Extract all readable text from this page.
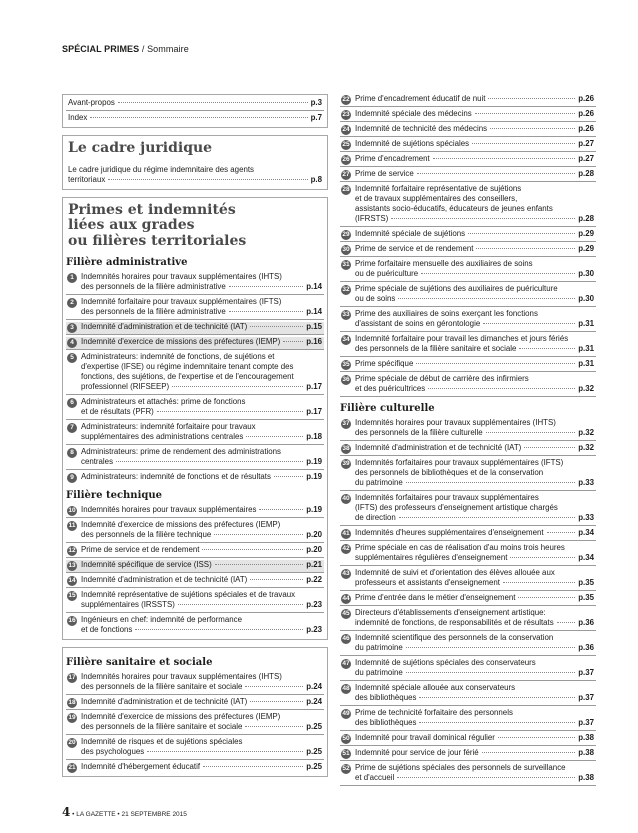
SPÉCIAL PRIMES / Sommaire
Avant-propos	p.3
Index	p.7
Le cadre juridique
Le cadre juridique du régime indemnitaire des agents
territoriaux	p.8
Primes et indemnités
liées aux grades
ou filières territoriales
Filière administrative
1 Indemnités horaires pour travaux supplémentaires (IHTS)
des personnels de la filière administrative	p.14
2 Indemnité forfaitaire pour travaux supplémentaires (IFTS)
des personnels de la filière administrative	p.14
3 Indemnité d'administration et de technicité (IAT)	p.15
4 Indemnité d'exercice de missions des préfectures (IEMP)	p.16
5 Administrateurs: indemnité de fonctions, de sujétions et
d'expertise (IFSE) ou régime indemnitaire tenant compte des
fonctions, des sujétions, de l'expertise et de l'encouragement
professionnel (RIFSEEP)	p.17
6 Administrateurs et attachés: prime de fonctions
et de résultats (PFR)	p.17
7 Administrateurs: indemnité forfaitaire pour travaux
supplémentaires des administrations centrales	p.18
8 Administrateurs: prime de rendement des administrations
centrales	p.19
9 Administrateurs: indemnité de fonctions et de résultats	p.19
Filière technique
10 Indemnités horaires pour travaux supplémentaires	p.19
11 Indemnité d'exercice de missions des préfectures (IEMP)
des personnels de la filière technique	p.20
12 Prime de service et de rendement	p.20
13 Indemnité spécifique de service (ISS)	p.21
14 Indemnité d'administration et de technicité (IAT)	p.22
15 Indemnité représentative de sujétions spéciales et de travaux
supplémentaires (IRSSTS)	p.23
16 Ingénieurs en chef: indemnité de performance
et de fonctions	p.23
Filière sanitaire et sociale
17 Indemnités horaires pour travaux supplémentaires (IHTS)
des personnels de la filière sanitaire et sociale	p.24
18 Indemnité d'administration et de technicité (IAT)	p.24
19 Indemnité d'exercice de missions des préfectures (IEMP)
des personnels de la filière sanitaire et sociale	p.25
20 Indemnité de risques et de sujétions spéciales
des psychologues	p.25
21 Indemnité d'hébergement éducatif	p.25
22 Prime d'encadrement éducatif de nuit	p.26
23 Indemnité spéciale des médecins	p.26
24 Indemnité de technicité des médecins	p.26
25 Indemnité de sujétions spéciales	p.27
26 Prime d'encadrement	p.27
27 Prime de service	p.28
28 Indemnité forfaitaire représentative de sujétions
et de travaux supplémentaires des conseillers,
assistants socio-éducatifs, éducateurs de jeunes enfants
(IFRSTS)	p.28
29 Indemnité spéciale de sujétions	p.29
30 Prime de service et de rendement	p.29
31 Prime forfaitaire mensuelle des auxiliaires de soins
ou de puériculture	p.30
32 Prime spéciale de sujétions des auxiliaires de puériculture
ou de soins	p.30
33 Prime des auxiliaires de soins exerçant les fonctions
d'assistant de soins en gérontologie	p.31
34 Indemnité forfaitaire pour travail les dimanches et jours fériés
des personnels de la filière sanitaire et sociale	p.31
35 Prime spécifique	p.31
36 Prime spéciale de début de carrière des infirmiers
et des puéricultrices	p.32
Filière culturelle
37 Indemnités horaires pour travaux supplémentaires (IHTS)
des personnels de la filière culturelle	p.32
38 Indemnité d'administration et de technicité (IAT)	p.32
39 Indemnités forfaitaires pour travaux supplémentaires (IFTS)
des personnels de bibliothèques et de la conservation
du patrimoine	p.33
40 Indemnités forfaitaires pour travaux supplémentaires
(IFTS) des professeurs d'enseignement artistique chargés
de direction	p.33
41 Indemnités d'heures supplémentaires d'enseignement	p.34
42 Prime spéciale en cas de réalisation d'au moins trois heures
supplémentaires régulières d'enseignement	p.34
43 Indemnité de suivi et d'orientation des élèves allouée aux
professeurs et assistants d'enseignement	p.35
44 Prime d'entrée dans le métier d'enseignement	p.35
45 Directeurs d'établissements d'enseignement artistique:
indemnité de fonctions, de responsabilités et de résultats	p.36
46 Indemnité scientifique des personnels de la conservation
du patrimoine	p.36
47 Indemnité de sujétions spéciales des conservateurs
du patrimoine	p.37
48 Indemnité spéciale allouée aux conservateurs
des bibliothèques	p.37
49 Prime de technicité forfaitaire des personnels
des bibliothèques	p.37
50 Indemnité pour travail dominical régulier	p.38
51 Indemnité pour service de jour férié	p.38
52 Prime de sujétions spéciales des personnels de surveillance
et d'accueil	p.38
4 • LA GAZETTE • 21 SEPTEMBRE 2015
